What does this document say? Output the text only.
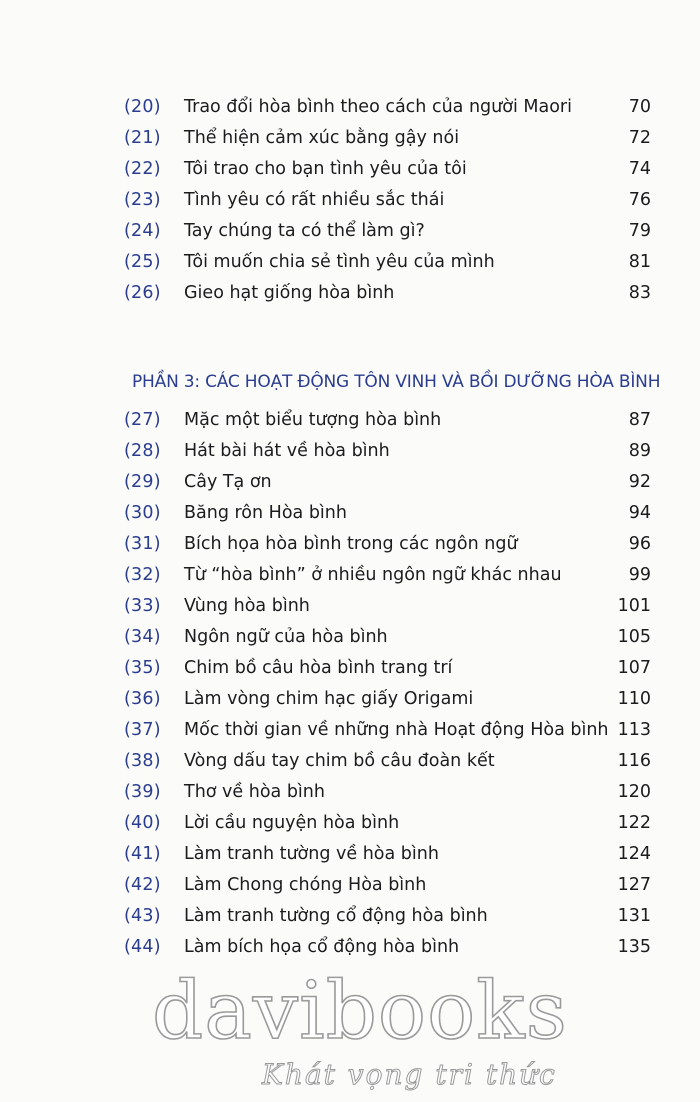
(20) Trao đổi hòa bình theo cách của người Maori	70
(21) Thể hiện cảm xúc bằng gậy nói	72
(22) Tôi trao cho bạn tình yêu của tôi	74
(23) Tình yêu có rất nhiều sắc thái	76
(24) Tay chúng ta có thể làm gì?	79
(25) Tôi muốn chia sẻ tình yêu của mình	81
(26) Gieo hạt giống hòa bình	83
PHẦN 3: CÁC HOẠT ĐỘNG TÔN VINH VÀ BỒI DƯỠNG HÒA BÌNH
(27) Mặc một biểu tượng hòa bình	87
(28) Hát bài hát về hòa bình	89
(29) Cây Tạ ơn	92
(30) Băng rôn Hòa bình	94
(31) Bích họa hòa bình trong các ngôn ngữ	96
(32) Từ “hòa bình” ở nhiều ngôn ngữ khác nhau	99
(33) Vùng hòa bình	101
(34) Ngôn ngữ của hòa bình	105
(35) Chim bồ câu hòa bình trang trí	107
(36) Làm vòng chim hạc giấy Origami	110
(37) Mốc thời gian về những nhà Hoạt động Hòa bình 113
(38) Vòng dấu tay chim bồ câu đoàn kết	116
(39) Thơ về hòa bình	120
(40) Lời cầu nguyện hòa bình	122
(41) Làm tranh tường về hòa bình	124
(42) Làm Chong chóng Hòa bình	127
(43) Làm tranh tường cổ động hòa bình	131
(44) Làm bích họa cổ động hòa bình	135
davibooks
Khát vọng tri thức
